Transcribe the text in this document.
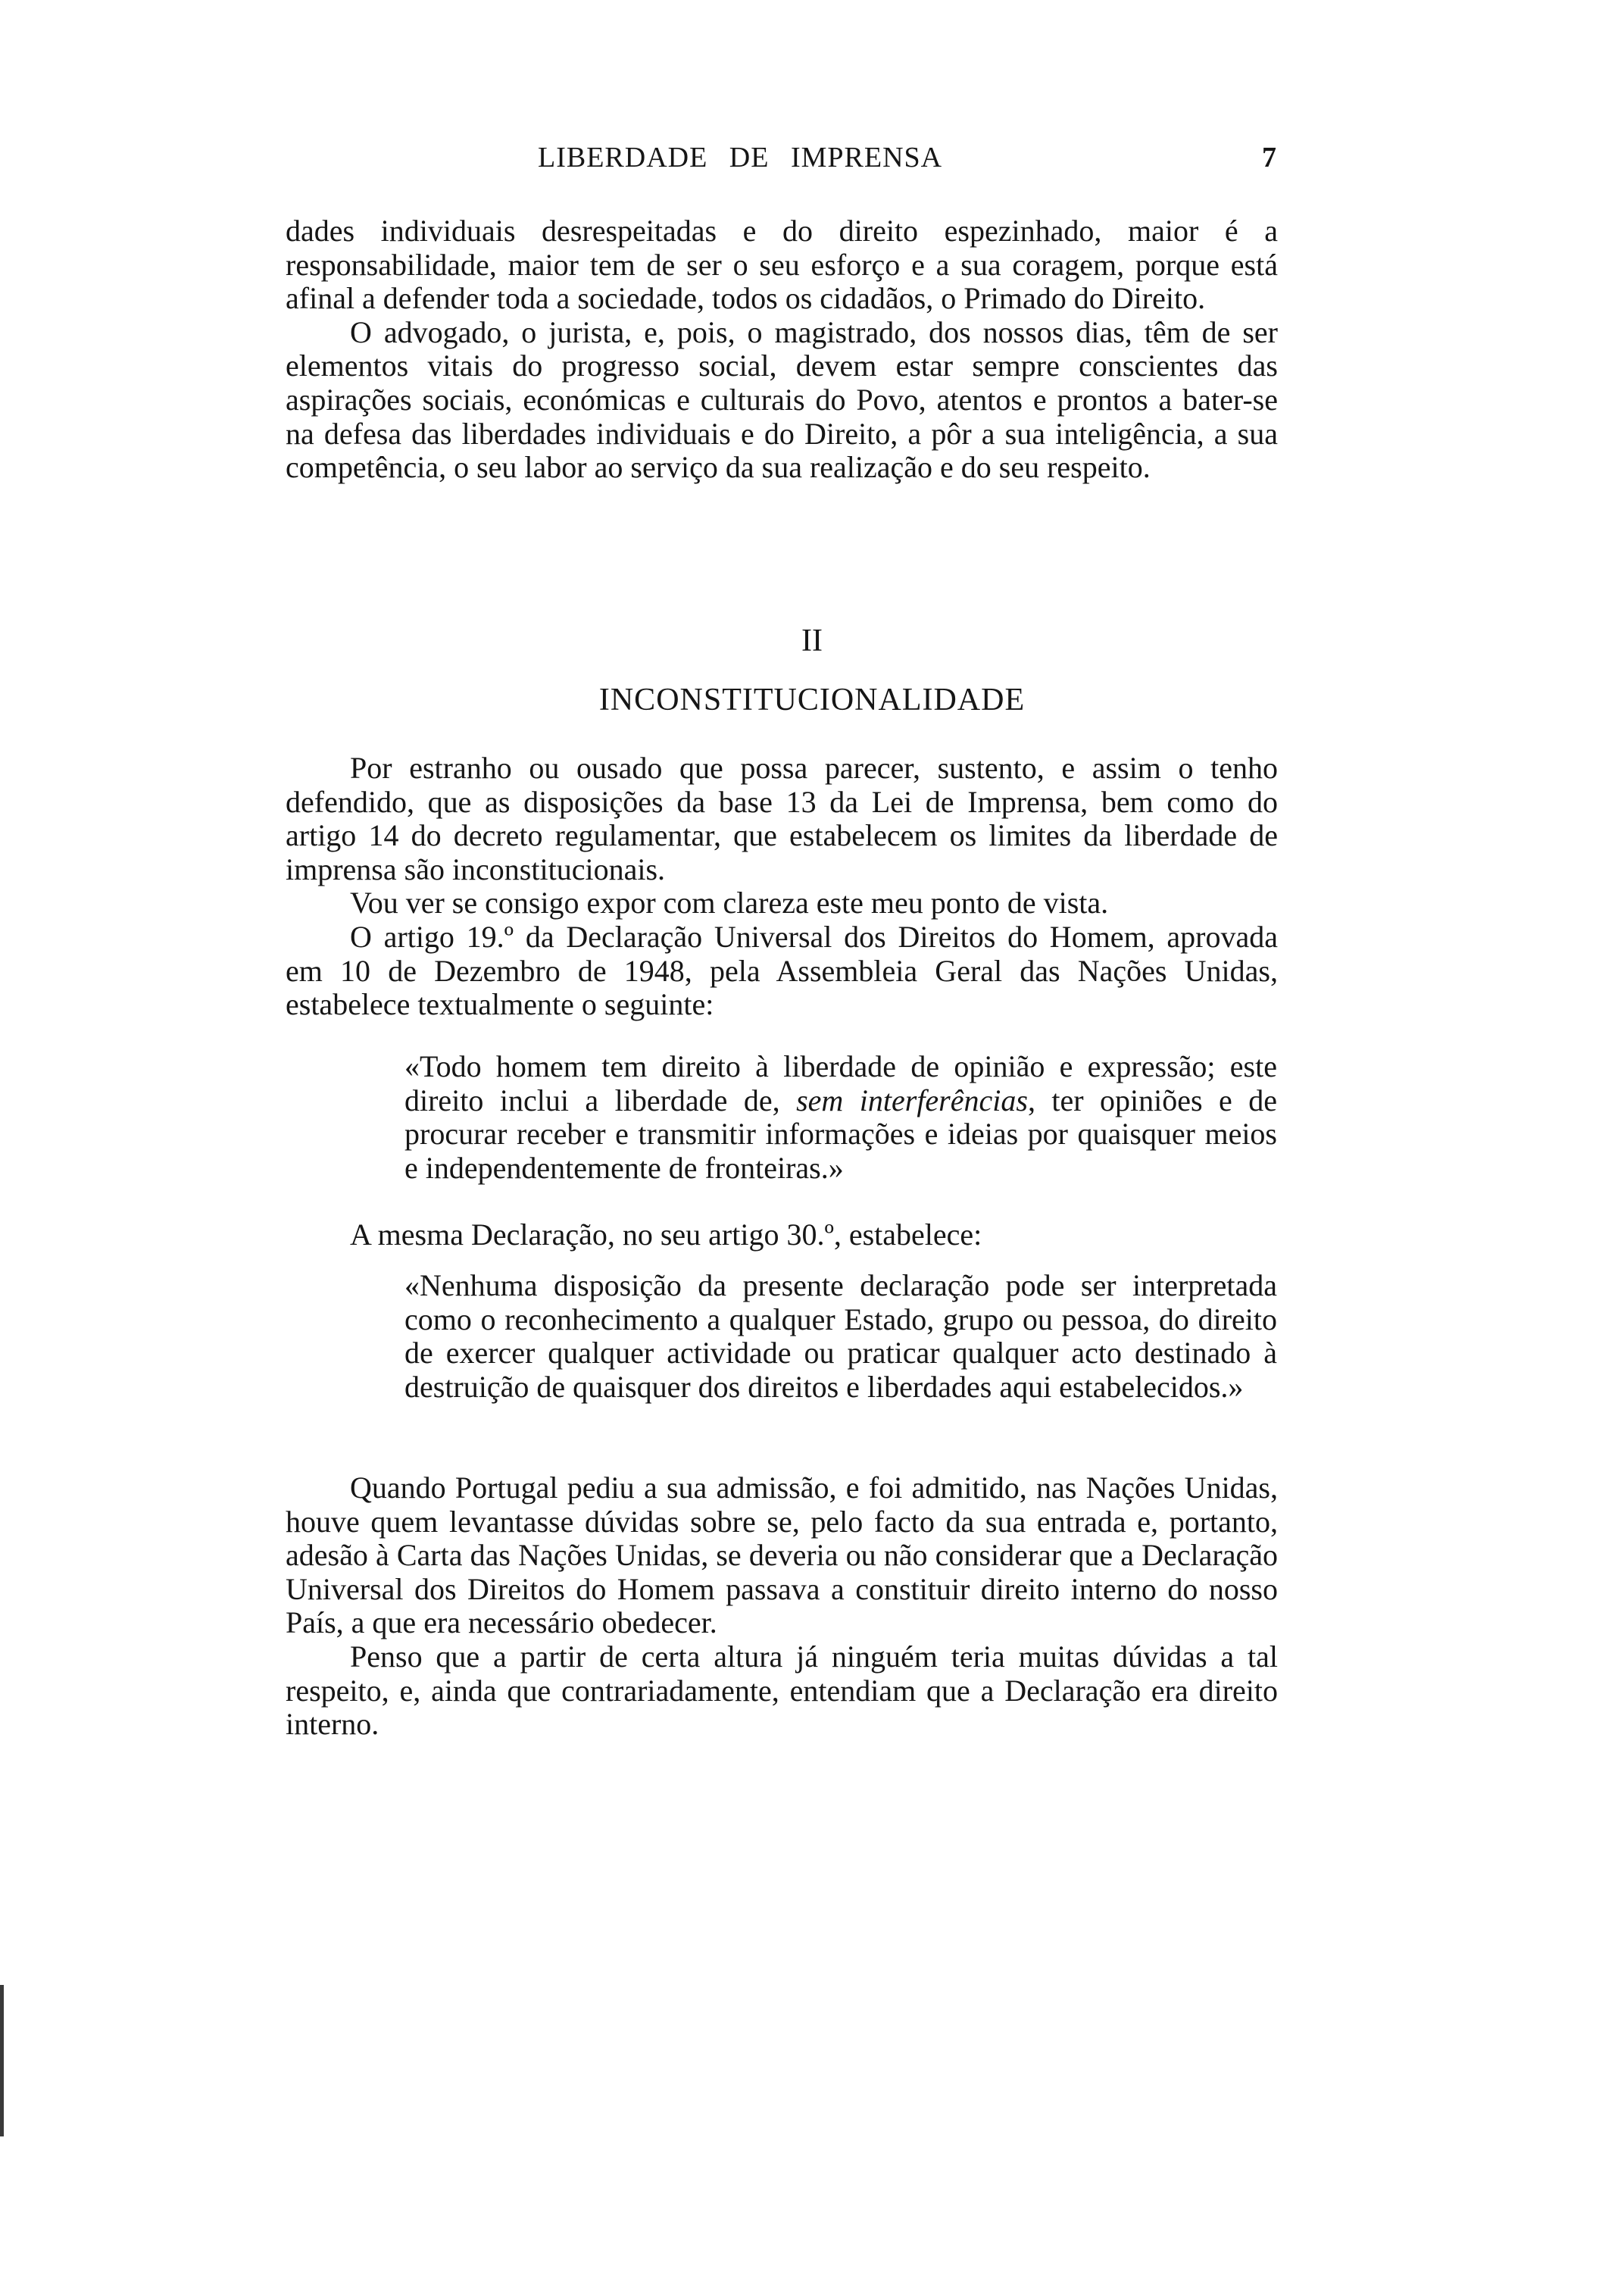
LIBERDADE DE IMPRENSA	7

dades individuais desrespeitadas e do direito espezinhado, maior é a responsabilidade, maior tem de ser o seu esforço e a sua coragem, porque está afinal a defender toda a sociedade, todos os cidadãos, o Primado do Direito.

O advogado, o jurista, e, pois, o magistrado, dos nossos dias, têm de ser elementos vitais do progresso social, devem estar sempre conscientes das aspirações sociais, económicas e culturais do Povo, atentos e prontos a bater-se na defesa das liberdades individuais e do Direito, a pôr a sua inteligência, a sua competência, o seu labor ao serviço da sua realização e do seu respeito.

II
INCONSTITUCIONALIDADE

Por estranho ou ousado que possa parecer, sustento, e assim o tenho defendido, que as disposições da base 13 da Lei de Imprensa, bem como do artigo 14 do decreto regulamentar, que estabelecem os limites da liberdade de imprensa são inconstitucionais.

Vou ver se consigo expor com clareza este meu ponto de vista.

O artigo 19.º da Declaração Universal dos Direitos do Homem, aprovada em 10 de Dezembro de 1948, pela Assembleia Geral das Nações Unidas, estabelece textualmente o seguinte:

«Todo homem tem direito à liberdade de opinião e expressão; este direito inclui a liberdade de, sem interferências, ter opiniões e de procurar receber e transmitir informações e ideias por quaisquer meios e independentemente de fronteiras.»

A mesma Declaração, no seu artigo 30.º, estabelece:

«Nenhuma disposição da presente declaração pode ser interpretada como o reconhecimento a qualquer Estado, grupo ou pessoa, do direito de exercer qualquer actividade ou praticar qualquer acto destinado à destruição de quaisquer dos direitos e liberdades aqui estabelecidos.»

Quando Portugal pediu a sua admissão, e foi admitido, nas Nações Unidas, houve quem levantasse dúvidas sobre se, pelo facto da sua entrada e, portanto, adesão à Carta das Nações Unidas, se deveria ou não considerar que a Declaração Universal dos Direitos do Homem passava a constituir direito interno do nosso País, a que era necessário obedecer.

Penso que a partir de certa altura já ninguém teria muitas dúvidas a tal respeito, e, ainda que contrariadamente, entendiam que a Declaração era direito interno.
